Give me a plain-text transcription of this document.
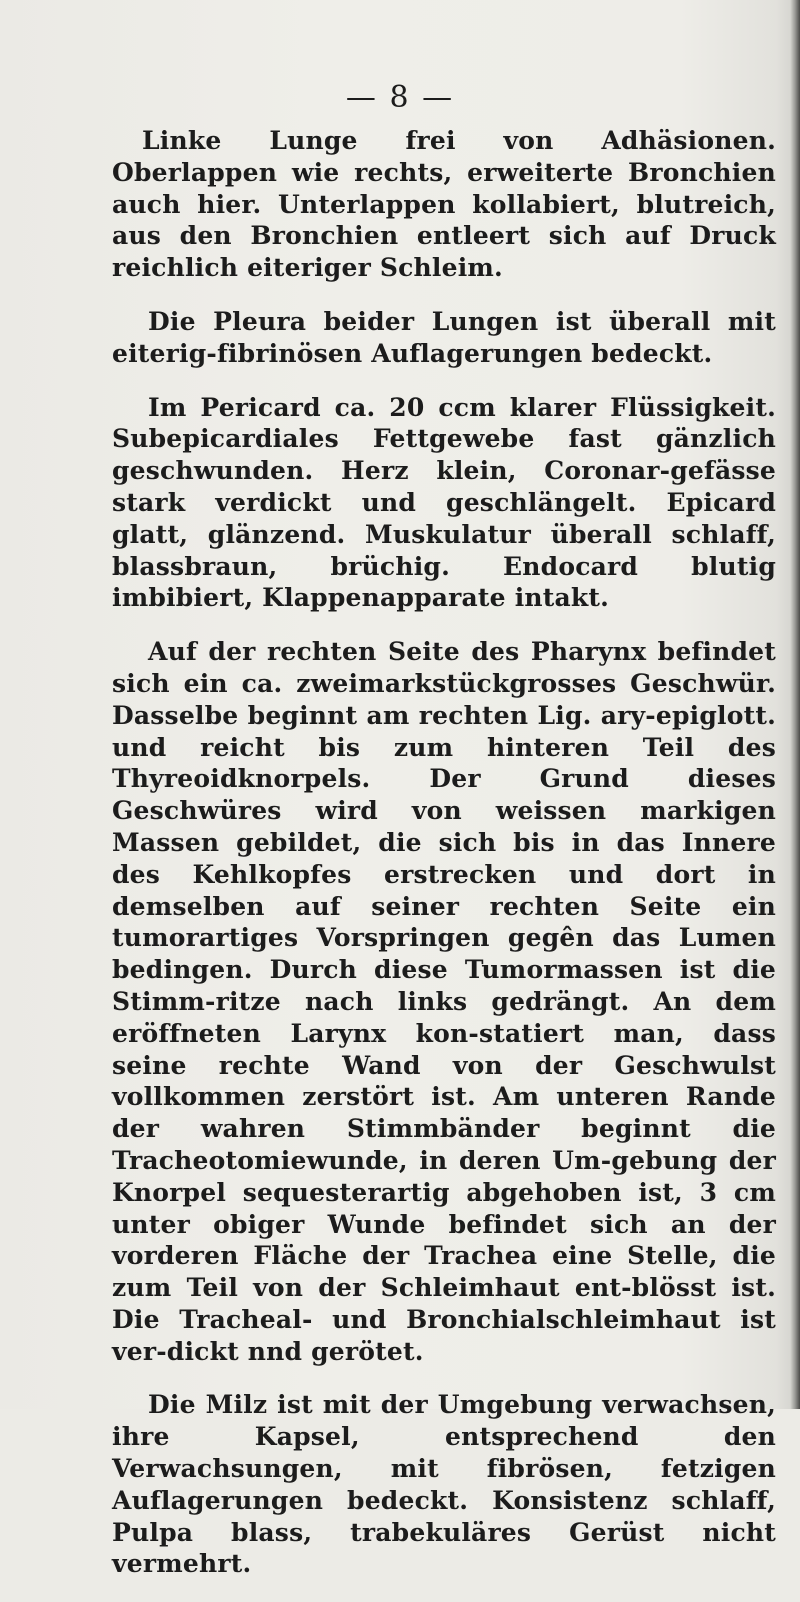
— 8 —

Linke Lunge frei von Adhäsionen. Oberlappen wie rechts, erweiterte Bronchien auch hier. Unterlappen kollabiert, blutreich, aus den Bronchien entleert sich auf Druck reichlich eiteriger Schleim.

Die Pleura beider Lungen ist überall mit eiterig-fibrinösen Auflagerungen bedeckt.

Im Pericard ca. 20 ccm klarer Flüssigkeit. Subepicardiales Fettgewebe fast gänzlich geschwunden. Herz klein, Coronar-gefässe stark verdickt und geschlängelt. Epicard glatt, glänzend. Muskulatur überall schlaff, blassbraun, brüchig. Endocard blutig imbibiert, Klappenapparate intakt.

Auf der rechten Seite des Pharynx befindet sich ein ca. zweimarkstückgrosses Geschwür. Dasselbe beginnt am rechten Lig. ary-epiglott. und reicht bis zum hinteren Teil des Thyreoidknorpels. Der Grund dieses Geschwüres wird von weissen markigen Massen gebildet, die sich bis in das Innere des Kehlkopfes erstrecken und dort in demselben auf seiner rechten Seite ein tumorartiges Vorspringen gegên das Lumen bedingen. Durch diese Tumormassen ist die Stimm-ritze nach links gedrängt. An dem eröffneten Larynx kon-statiert man, dass seine rechte Wand von der Geschwulst vollkommen zerstört ist. Am unteren Rande der wahren Stimmbänder beginnt die Tracheotomiewunde, in deren Um-gebung der Knorpel sequesterartig abgehoben ist, 3 cm unter obiger Wunde befindet sich an der vorderen Fläche der Trachea eine Stelle, die zum Teil von der Schleimhaut ent-blösst ist. Die Tracheal- und Bronchialschleimhaut ist ver-dickt nnd gerötet.

Die Milz ist mit der Umgebung verwachsen, ihre Kapsel, entsprechend den Verwachsungen, mit fibrösen, fetzigen Auflagerungen bedeckt. Konsistenz schlaff, Pulpa blass, trabekuläres Gerüst nicht vermehrt.
